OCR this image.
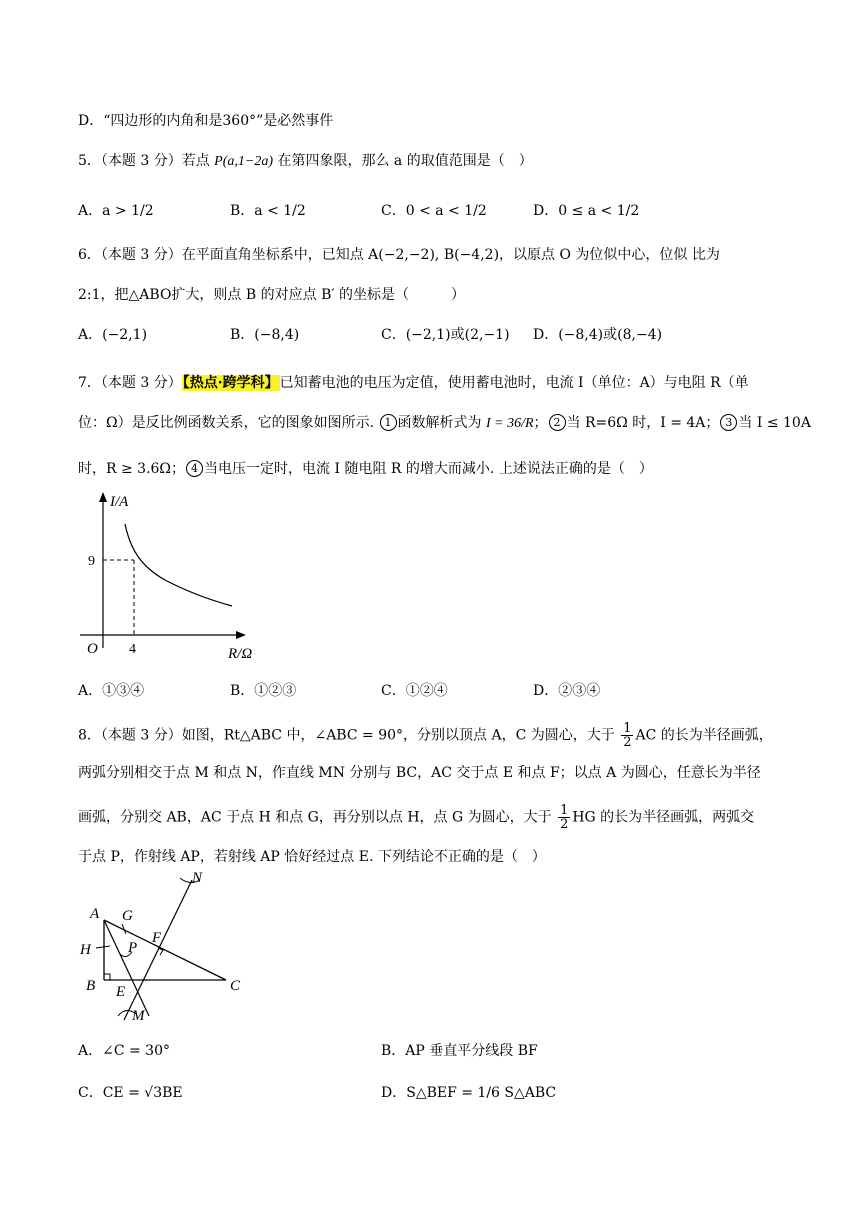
D．“四边形的内角和是360°”是必然事件
5．（本题 3 分）若点 P(a,1−2a) 在第四象限，那么 a 的取值范围是（　）
A．a > 1/2	B．a < 1/2	C．0 < a < 1/2	D．0 ≤ a < 1/2
6．（本题 3 分）在平面直角坐标系中，已知点 A(−2,−2), B(−4,2)，以原点 O 为位似中心，位似 比为
2:1，把△ABO扩大，则点 B 的对应点 B′ 的坐标是（　　　）
A．(−2,1)	B．(−8,4)	C．(−2,1)或(2,−1) D．(−8,4)或(8,−4)
7．（本题 3 分）【热点·跨学科】已知蓄电池的电压为定值，使用蓄电池时，电流 I（单位：A）与电阻 R（单
位：Ω）是反比例函数关系，它的图象如图所示. 1 函数解析式为 I = 36/R； 2 当 R=6Ω 时，I = 4A； 3 当 I ≤ 10A
时，R ≥ 3.6Ω； 4 当电压一定时，电流 I 随电阻 R 的增大而减小. 上述说法正确的是（　）
I/A
9
O 4	R/Ω
A．①③④	B．①②③	C．①②④	D．②③④
8．（本题 3 分）如图，Rt△ABC 中，∠ABC = 90°，分别以顶点 A，C 为圆心，大于 $\frac{1}{2}$ AC 的长为半径画弧，
两弧分别相交于点 M 和点 N，作直线 MN 分别与 BC，AC 交于点 E 和点 F；以点 A 为圆心，任意长为半径
画弧，分别交 AB，AC 于点 H 和点 G，再分别以点 H，点 G 为圆心，大于 $\frac{1}{2}$ HG 的长为半径画弧，两弧交
于点 P，作射线 AP，若射线 AP 恰好经过点 E. 下列结论不正确的是（　）
A G
H P
F
B E	C
M
N
A．∠C = 30°	B．AP 垂直平分线段 BF
C．CE = √3BE	D．S△BEF = 1/6 S△ABC
